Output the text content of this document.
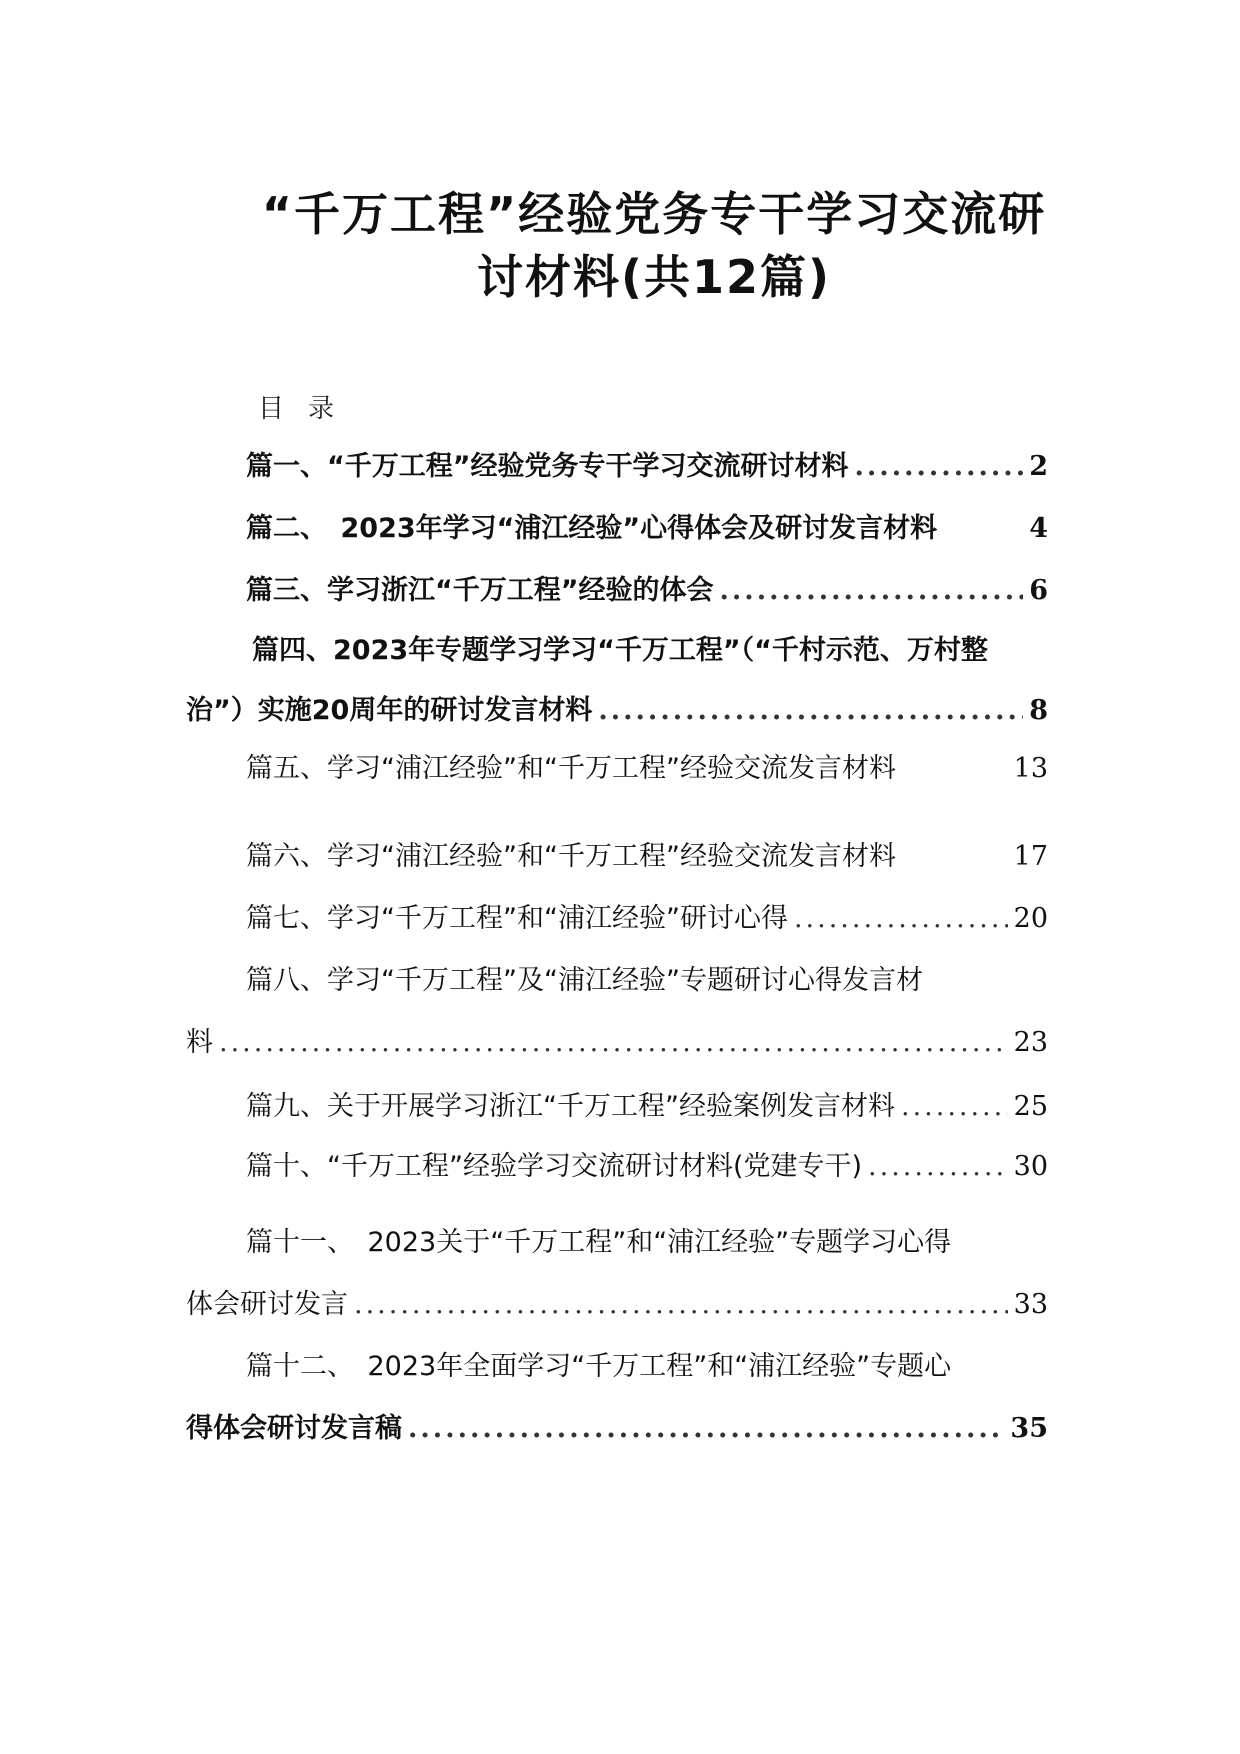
“千万工程”经验党务专干学习交流研
讨材料(共12篇)
目录
篇一、“千万工程”经验党务专干学习交流研讨材料 .....	2
篇二、　2023年学习“浦江经验”心得体会及研讨发言材料	4
篇三、学习浙江“千万工程”经验的体会 .....	6
篇四、2023年专题学习学习“千万工程”（“千村示范、万村整
治”）实施20周年的研讨发言材料 .....	8
篇五、学习“浦江经验”和“千万工程”经验交流发言材料	13
篇六、学习“浦江经验”和“千万工程”经验交流发言材料	17
篇七、学习“千万工程”和“浦江经验”研讨心得 .....	20
篇八、学习“千万工程”及“浦江经验”专题研讨心得发言材
料 .....	23
篇九、关于开展学习浙江“千万工程”经验案例发言材料 .....	25
篇十、“千万工程”经验学习交流研讨材料(党建专干) .....	30
篇十一、　2023关于“千万工程”和“浦江经验”专题学习心得
体会研讨发言 .....	33
篇十二、　2023年全面学习“千万工程”和“浦江经验”专题心
得体会研讨发言稿 .....	35
